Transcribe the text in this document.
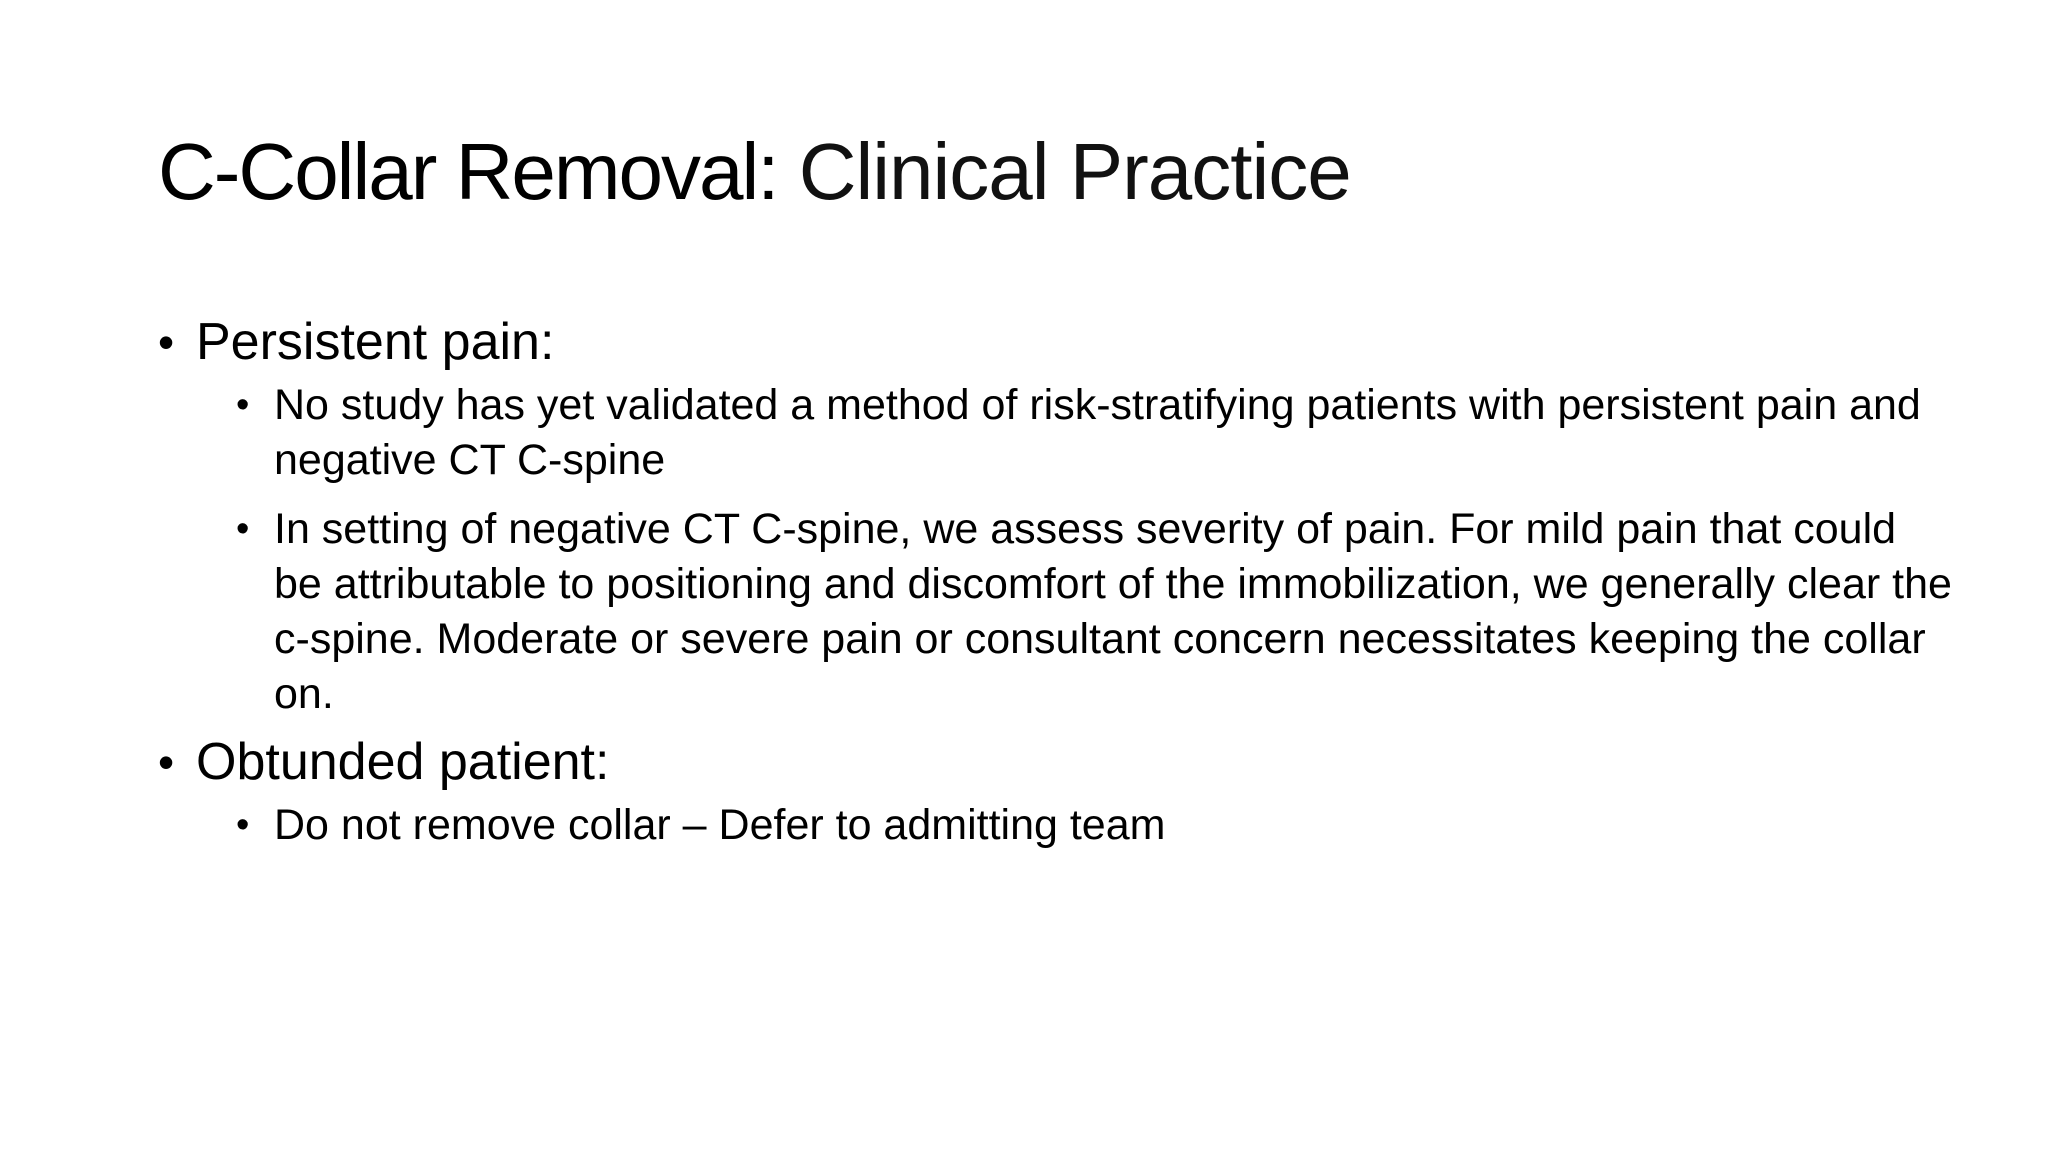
C-Collar Removal: Clinical Practice
• Persistent pain:
• No study has yet validated a method of risk-stratifying patients with persistent pain and negative CT C-spine
• In setting of negative CT C-spine, we assess severity of pain. For mild pain that could be attributable to positioning and discomfort of the immobilization, we generally clear the c-spine. Moderate or severe pain or consultant concern necessitates keeping the collar on.
• Obtunded patient:
• Do not remove collar – Defer to admitting team
